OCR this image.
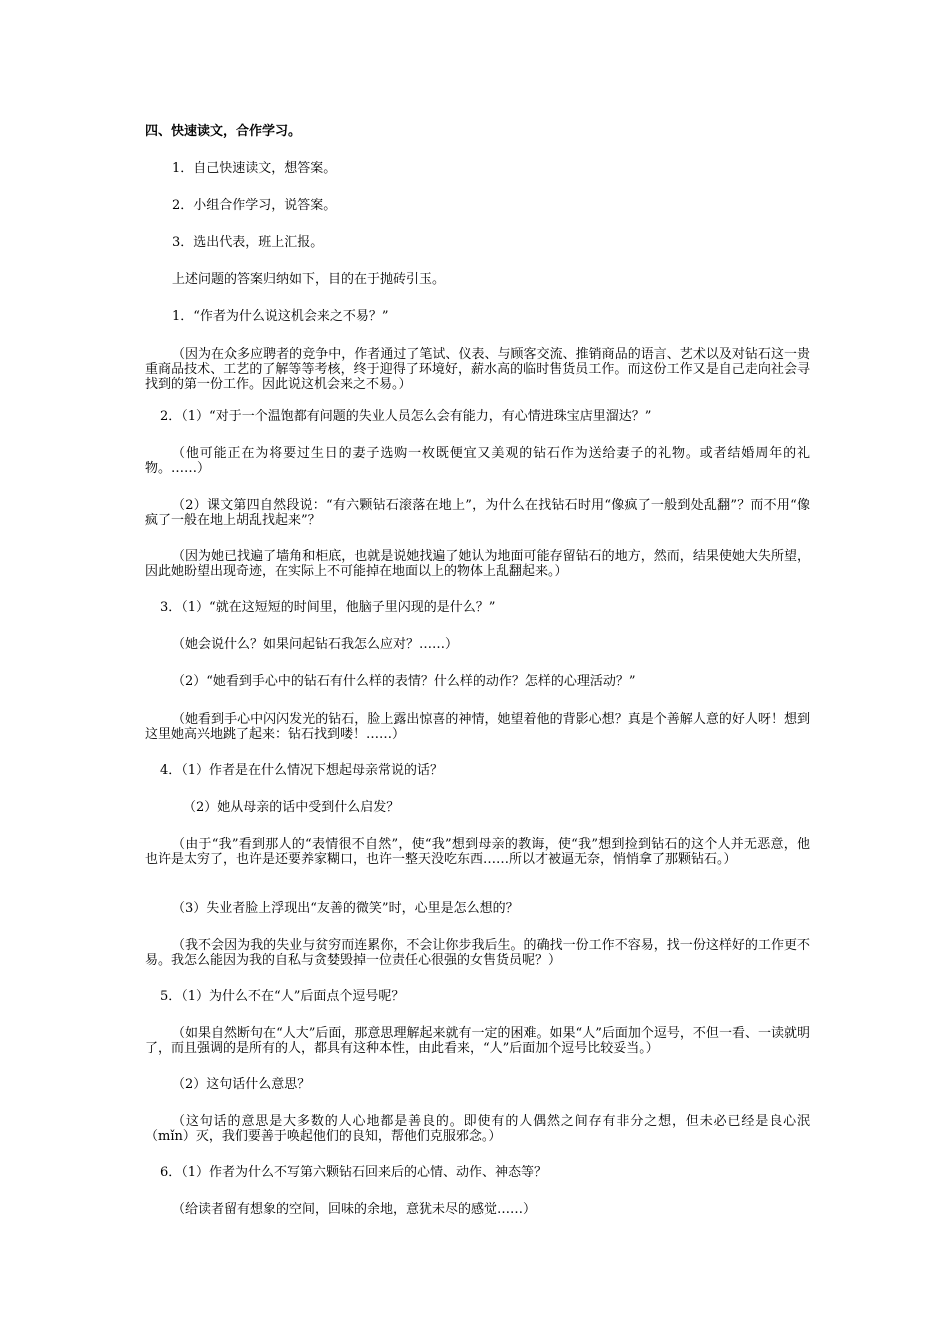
四、快速读文，合作学习。

1．自己快速读文，想答案。

2．小组合作学习，说答案。

3．选出代表，班上汇报。

上述问题的答案归纳如下，目的在于抛砖引玉。

1．“作者为什么说这机会来之不易？”

（因为在众多应聘者的竞争中，作者通过了笔试、仪表、与顾客交流、推销商品的语言、艺术以及对钻石这一贵重商品技术、工艺的了解等等考核，终于迎得了环境好，薪水高的临时售货员工作。而这份工作又是自己走向社会寻找到的第一份工作。因此说这机会来之不易。）

2．（1）“对于一个温饱都有问题的失业人员怎么会有能力，有心情进珠宝店里溜达？”

（他可能正在为将要过生日的妻子选购一枚既便宜又美观的钻石作为送给妻子的礼物。或者结婚周年的礼物。……）

（2）课文第四自然段说：“有六颗钻石滚落在地上”，为什么在找钻石时用“像疯了一般到处乱翻”？而不用“像疯了一般在地上胡乱找起来”？

（因为她已找遍了墙角和柜底，也就是说她找遍了她认为地面可能存留钻石的地方，然而，结果使她大失所望，因此她盼望出现奇迹，在实际上不可能掉在地面以上的物体上乱翻起来。）

3．（1）“就在这短短的时间里，他脑子里闪现的是什么？”

（她会说什么？如果问起钻石我怎么应对？……）

（2）“她看到手心中的钻石有什么样的表情？什么样的动作？怎样的心理活动？”

（她看到手心中闪闪发光的钻石，脸上露出惊喜的神情，她望着他的背影心想？真是个善解人意的好人呀！想到这里她高兴地跳了起来：钻石找到喽！……）

4．（1）作者是在什么情况下想起母亲常说的话？

（2）她从母亲的话中受到什么启发？

（由于“我”看到那人的“表情很不自然”，使“我”想到母亲的教诲，使“我”想到捡到钻石的这个人并无恶意，他也许是太穷了，也许是还要养家糊口，也许一整天没吃东西……所以才被逼无奈，悄悄拿了那颗钻石。）

（3）失业者脸上浮现出“友善的微笑”时，心里是怎么想的？

（我不会因为我的失业与贫穷而连累你，不会让你步我后生。的确找一份工作不容易，找一份这样好的工作更不易。我怎么能因为我的自私与贪婪毁掉一位责任心很强的女售货员呢？）

5．（1）为什么不在“人”后面点个逗号呢？

（如果自然断句在“人大”后面，那意思理解起来就有一定的困难。如果“人”后面加个逗号，不但一看、一读就明了，而且强调的是所有的人，都具有这种本性，由此看来，“人”后面加个逗号比较妥当。）

（2）这句话什么意思？

（这句话的意思是大多数的人心地都是善良的。即使有的人偶然之间存有非分之想，但未必已经是良心泯（mǐn）灭，我们要善于唤起他们的良知，帮他们克服邪念。）

6．（1）作者为什么不写第六颗钻石回来后的心情、动作、神态等？

（给读者留有想象的空间，回味的余地，意犹未尽的感觉……）
